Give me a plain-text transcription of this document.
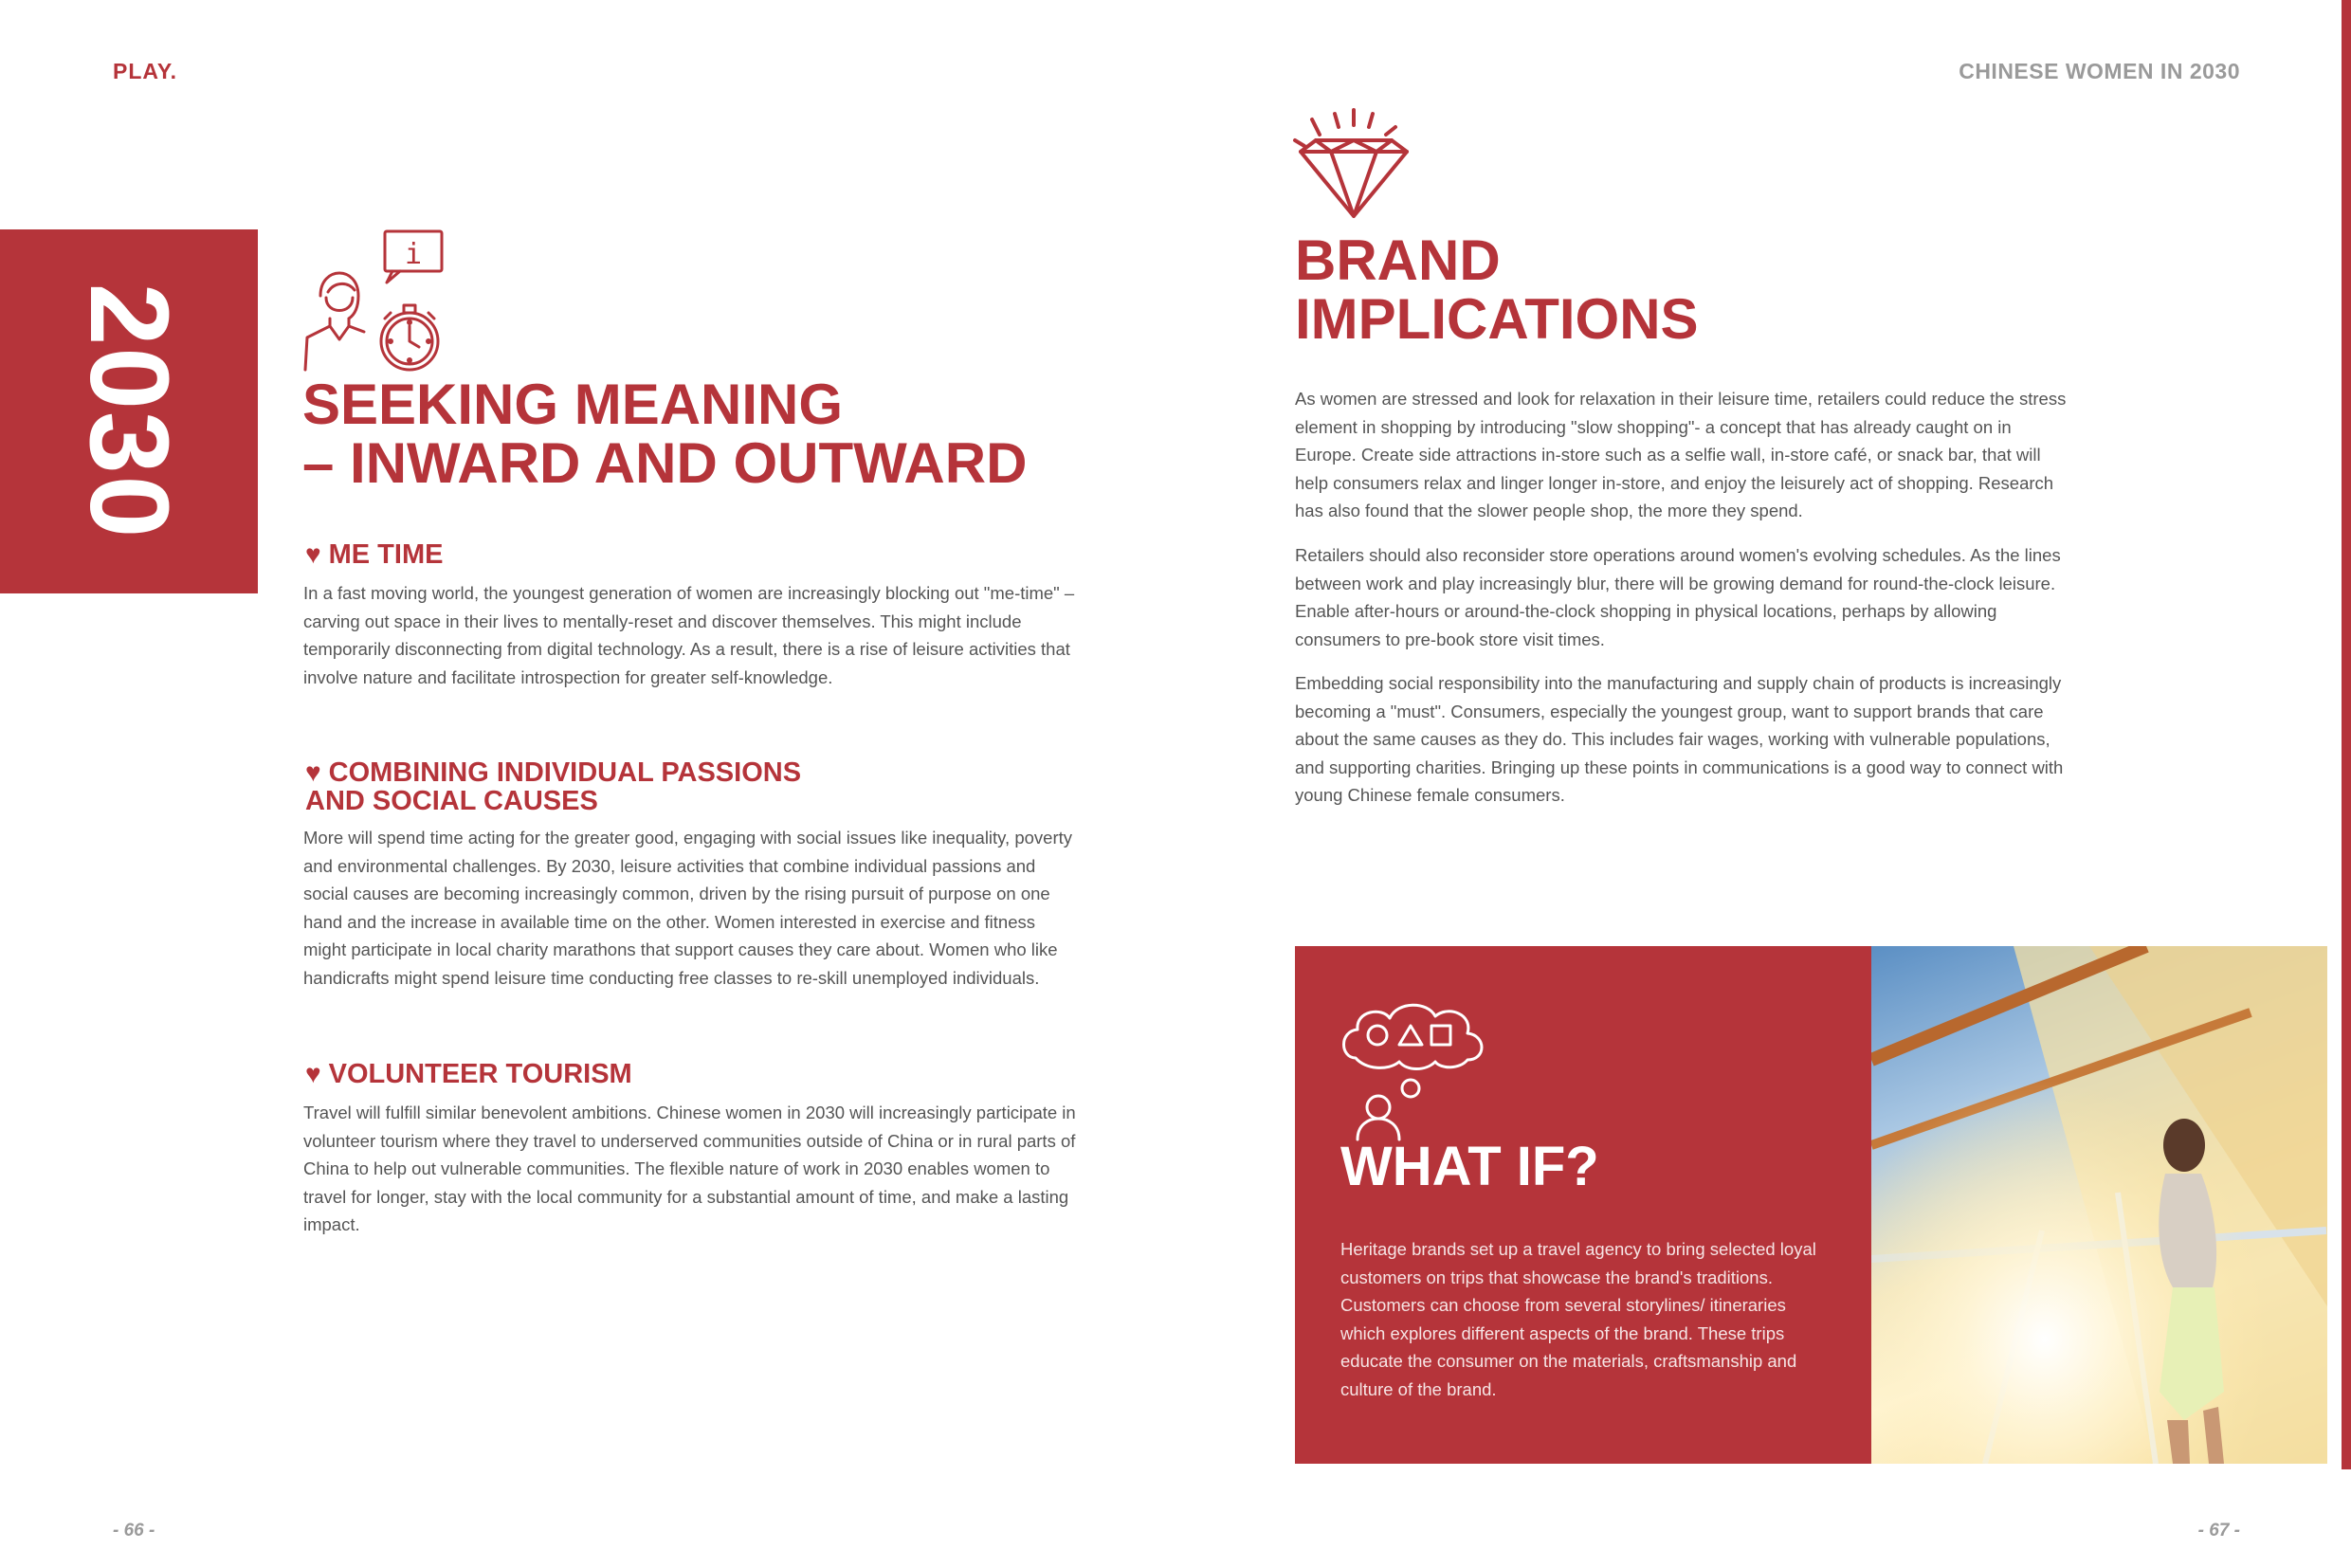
PLAY.	CHINESE WOMEN IN 2030
2030
i
SEEKING MEANING
– INWARD AND OUTWARD
♥ ME TIME
In a fast moving world, the youngest generation of women are increasingly blocking out "me-time" – carving out space in their lives to mentally-reset and discover themselves. This might include temporarily disconnecting from digital technology. As a result, there is a rise of leisure activities that involve nature and facilitate introspection for greater self-knowledge.
♥ COMBINING INDIVIDUAL PASSIONS
AND SOCIAL CAUSES
More will spend time acting for the greater good, engaging with social issues like inequality, poverty and environmental challenges. By 2030, leisure activities that combine individual passions and social causes are becoming increasingly common, driven by the rising pursuit of purpose on one hand and the increase in available time on the other. Women interested in exercise and fitness might participate in local charity marathons that support causes they care about. Women who like handicrafts might spend leisure time conducting free classes to re-skill unemployed individuals.
♥ VOLUNTEER TOURISM
Travel will fulfill similar benevolent ambitions. Chinese women in 2030 will increasingly participate in volunteer tourism where they travel to underserved communities outside of China or in rural parts of China to help out vulnerable communities. The flexible nature of work in 2030 enables women to travel for longer, stay with the local community for a substantial amount of time, and make a lasting impact.
BRAND
IMPLICATIONS
As women are stressed and look for relaxation in their leisure time, retailers could reduce the stress element in shopping by introducing "slow shopping"- a concept that has already caught on in Europe. Create side attractions in-store such as a selfie wall, in-store café, or snack bar, that will help consumers relax and linger longer in-store, and enjoy the leisurely act of shopping. Research has also found that the slower people shop, the more they spend.
Retailers should also reconsider store operations around women's evolving schedules. As the lines between work and play increasingly blur, there will be growing demand for round-the-clock leisure. Enable after-hours or around-the-clock shopping in physical locations, perhaps by allowing consumers to pre-book store visit times.
Embedding social responsibility into the manufacturing and supply chain of products is increasingly becoming a "must". Consumers, especially the youngest group, want to support brands that care about the same causes as they do. This includes fair wages, working with vulnerable populations, and supporting charities. Bringing up these points in communications is a good way to connect with young Chinese female consumers.
WHAT IF?
Heritage brands set up a travel agency to bring selected loyal customers on trips that showcase the brand's traditions. Customers can choose from several storylines/ itineraries which explores different aspects of the brand. These trips educate the consumer on the materials, craftsmanship and culture of the brand.
- 66 -	- 67 -
